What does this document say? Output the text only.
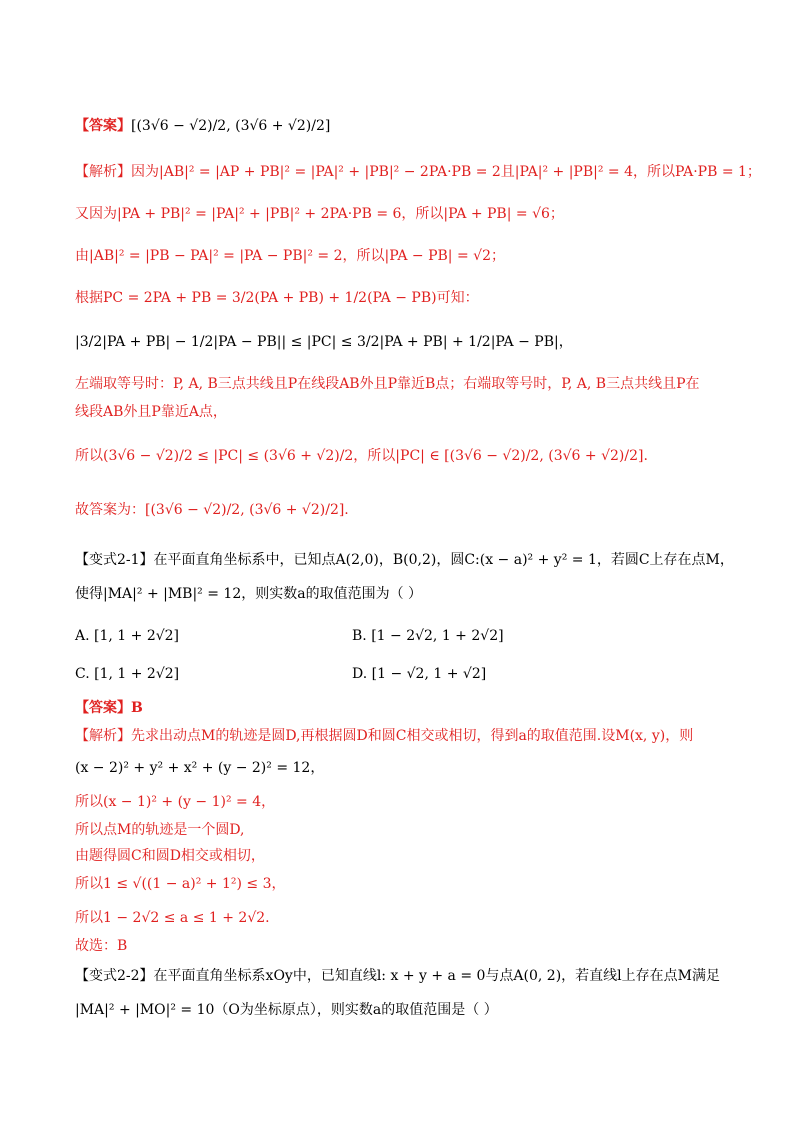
【答案】[(3√6 − √2)/2, (3√6 + √2)/2]
【解析】因为|AB|² = |AP + PB|² = |PA|² + |PB|² − 2PA·PB = 2且|PA|² + |PB|² = 4，所以PA·PB = 1；
又因为|PA + PB|² = |PA|² + |PB|² + 2PA·PB = 6，所以|PA + PB| = √6；
由|AB|² = |PB − PA|² = |PA − PB|² = 2，所以|PA − PB| = √2；
根据PC = 2PA + PB = 3/2(PA + PB) + 1/2(PA − PB)可知：
|3/2|PA + PB| − 1/2|PA − PB|| ≤ |PC| ≤ 3/2|PA + PB| + 1/2|PA − PB|，
左端取等号时：P, A, B三点共线且P在线段AB外且P靠近B点；右端取等号时，P, A, B三点共线且P在
线段AB外且P靠近A点，
所以(3√6 − √2)/2 ≤ |PC| ≤ (3√6 + √2)/2，所以|PC| ∈ [(3√6 − √2)/2, (3√6 + √2)/2].
故答案为：[(3√6 − √2)/2, (3√6 + √2)/2].
【变式2-1】在平面直角坐标系中，已知点A(2,0)，B(0,2)，圆C:(x − a)² + y² = 1，若圆C上存在点M，
使得|MA|² + |MB|² = 12，则实数a的取值范围为（ ）
A. [1, 1 + 2√2]	B. [1 − 2√2, 1 + 2√2]
C. [1, 1 + 2√2]	D. [1 − √2, 1 + √2]
【答案】B
【解析】先求出动点M的轨迹是圆D,再根据圆D和圆C相交或相切，得到a的取值范围.设M(x, y)，则
(x − 2)² + y² + x² + (y − 2)² = 12，
所以(x − 1)² + (y − 1)² = 4，
所以点M的轨迹是一个圆D,
由题得圆C和圆D相交或相切，
所以1 ≤ √((1 − a)² + 1²) ≤ 3，
所以1 − 2√2 ≤ a ≤ 1 + 2√2.
故选：B
【变式2-2】在平面直角坐标系xOy中，已知直线l: x + y + a = 0与点A(0, 2)，若直线l上存在点M满足
|MA|² + |MO|² = 10（O为坐标原点），则实数a的取值范围是（ ）
